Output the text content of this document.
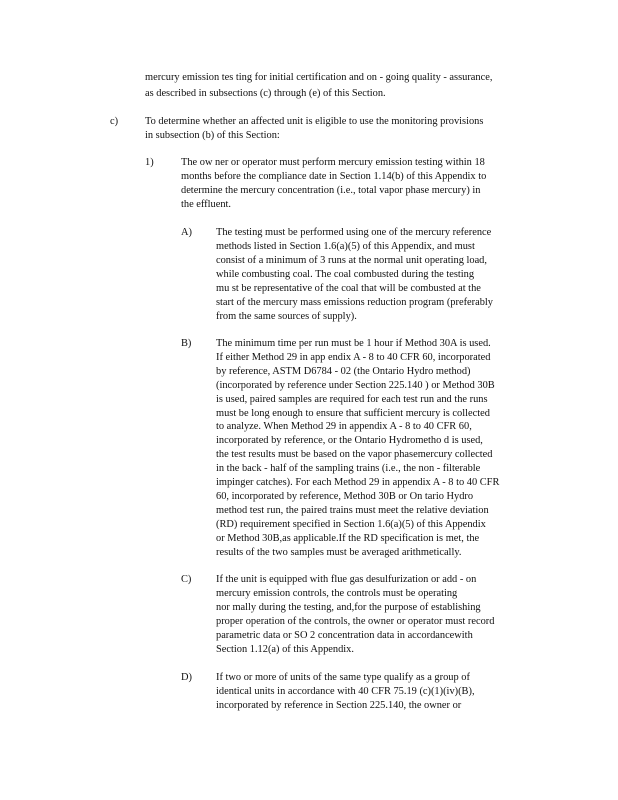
mercury emission tes ting for initial certification and on - going quality - assurance,
as described in subsections (c) through (e) of this Section.
c)	To determine whether an affected unit is eligible to use the monitoring provisions
in subsection (b) of this Section:
1)	The ow ner or operator must perform mercury emission testing within 18
months before the compliance date in Section 1.14(b) of this Appendix to
determine the mercury concentration (i.e., total vapor phase mercury) in
the effluent.
A) The testing must be performed using one of the mercury reference
methods listed in Section 1.6(a)(5) of this Appendix, and must
consist of a minimum of 3 runs at the normal unit operating load,
while combusting coal. The coal combusted during the testing
mu st be representative of the coal that will be combusted at the
start of the mercury mass emissions reduction program (preferably
from the same sources of supply).
B) The minimum time per run must be 1 hour if Method 30A is used.
If either Method 29 in app endix A - 8 to 40 CFR 60, incorporated
by reference, ASTM D6784 - 02 (the Ontario Hydro method)
(incorporated by reference under Section 225.140 ) or Method 30B
is used, paired samples are required for each test run and the runs
must be long enough to ensure that sufficient mercury is collected
to analyze. When Method 29 in appendix A - 8 to 40 CFR 60,
incorporated by reference, or the Ontario Hydrometho d is used,
the test results must be based on the vapor phasemercury collected
in the back - half of the sampling trains (i.e., the non - filterable
impinger catches). For each Method 29 in appendix A - 8 to 40 CFR
60, incorporated by reference, Method 30B or On tario Hydro
method test run, the paired trains must meet the relative deviation
(RD) requirement specified in Section 1.6(a)(5) of this Appendix
or Method 30B,as applicable.If the RD specification is met, the
results of the two samples must be averaged arithmetically.
C) If the unit is equipped with flue gas desulfurization or add - on
mercury emission controls, the controls must be operating
nor mally during the testing, and,for the purpose of establishing
proper operation of the controls, the owner or operator must record
parametric data or SO 2 concentration data in accordancewith
Section 1.12(a) of this Appendix.
D) If two or more of units of the same type qualify as a group of
identical units in accordance with 40 CFR 75.19 (c)(1)(iv)(B),
incorporated by reference in Section 225.140, the owner or
